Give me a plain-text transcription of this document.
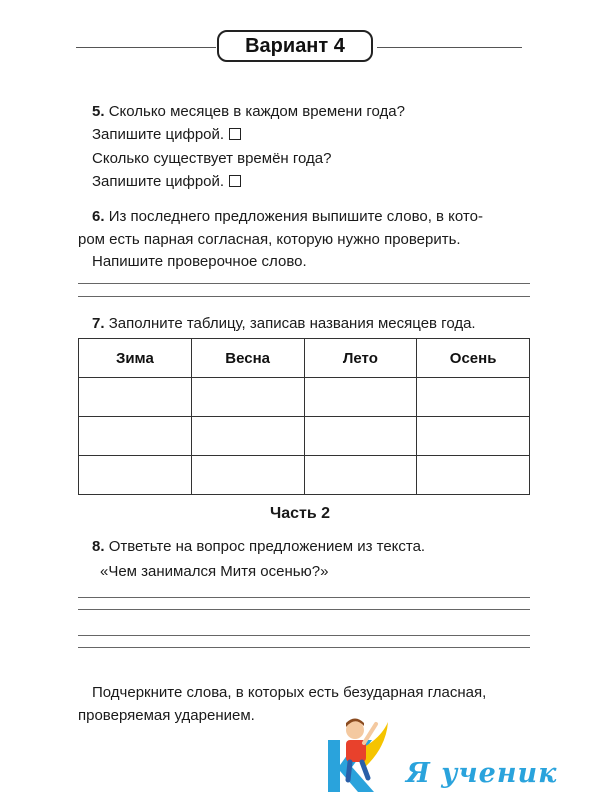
Вариант 4
5. Сколько месяцев в каждом времени года?
Запишите цифрой.
Сколько существует времён года?
Запишите цифрой.
6. Из последнего предложения выпишите слово, в кото-
ром есть парная согласная, которую нужно проверить.
Напишите проверочное слово.
7. Заполните таблицу, записав названия месяцев года.
Зима	Весна	Лето	Осень

Часть 2
8. Ответьте на вопрос предложением из текста.
«Чем занимался Митя осенью?»
Подчеркните слова, в которых есть безударная гласная,
проверяемая ударением.
Я ученик
